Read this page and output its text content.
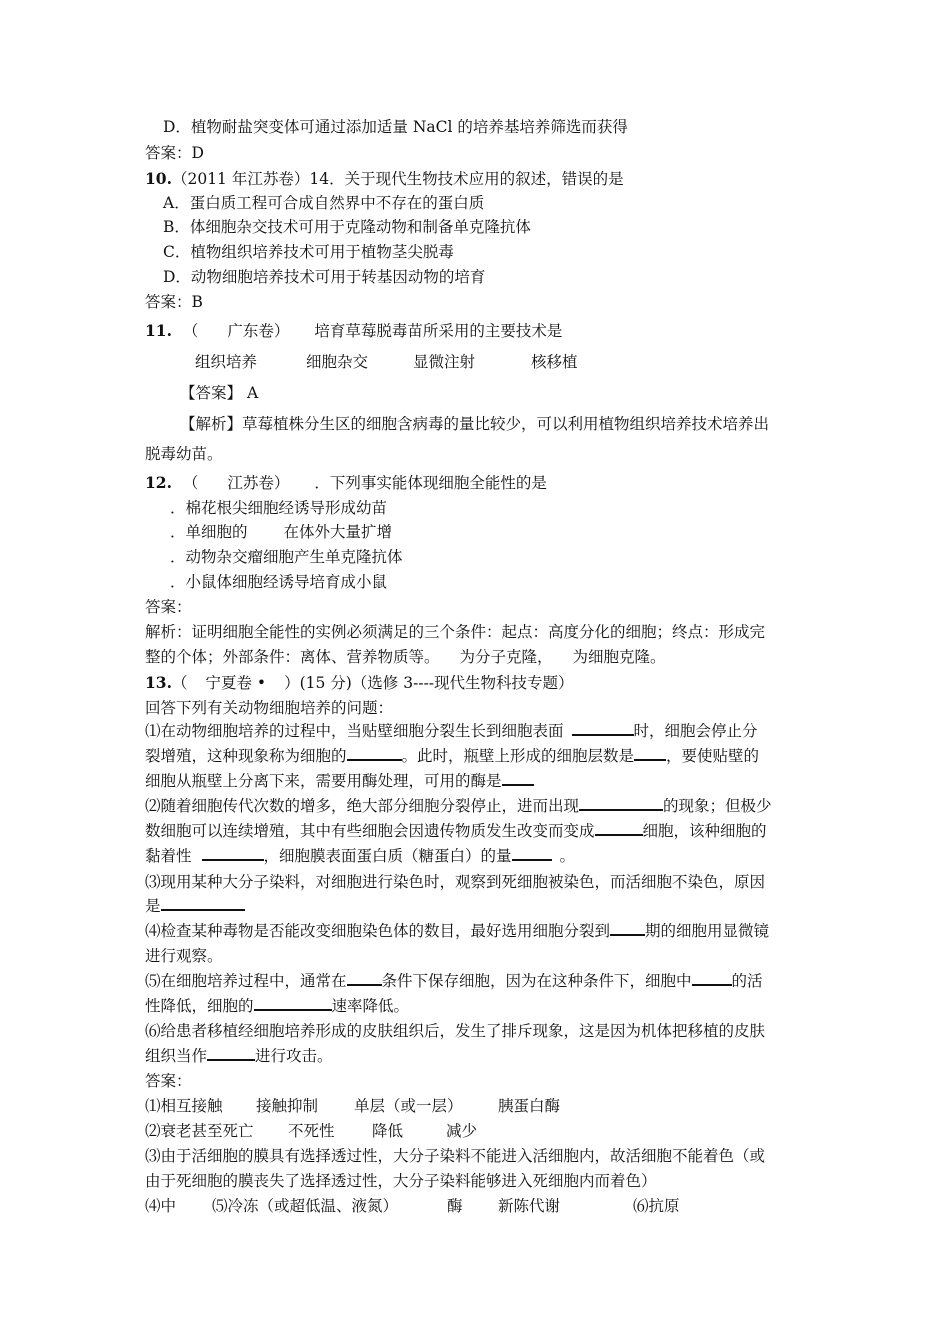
D．植物耐盐突变体可通过添加适量 NaCl 的培养基培养筛选而获得
答案：D
10.（2011 年江苏卷）14．关于现代生物技术应用的叙述，错误的是
A．蛋白质工程可合成自然界中不存在的蛋白质
B．体细胞杂交技术可用于克隆动物和制备单克隆抗体
C．植物组织培养技术可用于植物茎尖脱毒
D．动物细胞培养技术可用于转基因动物的培育
答案：B
11. （ 广东卷） 培育草莓脱毒苗所采用的主要技术是
组织培养	细胞杂交	显微注射	核移植
【答案】 A
【解析】草莓植株分生区的细胞含病毒的量比较少，可以利用植物组织培养技术培养出
脱毒幼苗。
12. （ 江苏卷） ．下列事实能体现细胞全能性的是
．棉花根尖细胞经诱导形成幼苗
．单细胞的 在体外大量扩增
．动物杂交瘤细胞产生单克隆抗体
．小鼠体细胞经诱导培育成小鼠
答案：
解析：证明细胞全能性的实例必须满足的三个条件：起点：高度分化的细胞；终点：形成完
整的个体；外部条件：离体、营养物质等。 为分子克隆， 为细胞克隆。
13.（ 宁夏卷 • ）(15 分)（选修 3----现代生物科技专题）
回答下列有关动物细胞培养的问题：
⑴在动物细胞培养的过程中，当贴壁细胞分裂生长到细胞表面	时，细胞会停止分
裂增殖，这种现象称为细胞的	。此时，瓶壁上形成的细胞层数是 ，要使贴壁的
细胞从瓶壁上分离下来，需要用酶处理，可用的酶是
⑵随着细胞传代次数的增多，绝大部分细胞分裂停止，进而出现	的现象；但极少
数细胞可以连续增殖，其中有些细胞会因遗传物质发生改变而变成	细胞，该种细胞的
黏着性	，细胞膜表面蛋白质（糖蛋白）的量	。
⑶现用某种大分子染料，对细胞进行染色时，观察到死细胞被染色，而活细胞不染色，原因
是
⑷检查某种毒物是否能改变细胞染色体的数目，最好选用细胞分裂到 期的细胞用显微镜
进行观察。
⑸在细胞培养过程中，通常在 条件下保存细胞，因为在这种条件下，细胞中	的活
性降低，细胞的	速率降低。
⑹给患者移植经细胞培养形成的皮肤组织后，发生了排斥现象，这是因为机体把移植的皮肤
组织当作	进行攻击。
答案：
⑴相互接触 接触抑制 单层（或一层） 胰蛋白酶
⑵衰老甚至死亡 不死性 降低	减少
⑶由于活细胞的膜具有选择透过性，大分子染料不能进入活细胞内，故活细胞不能着色（或
由于死细胞的膜丧失了选择透过性，大分子染料能够进入死细胞内而着色）
⑷中 ⑸冷冻（或超低温、液氮）	酶 新陈代谢	⑹抗原
